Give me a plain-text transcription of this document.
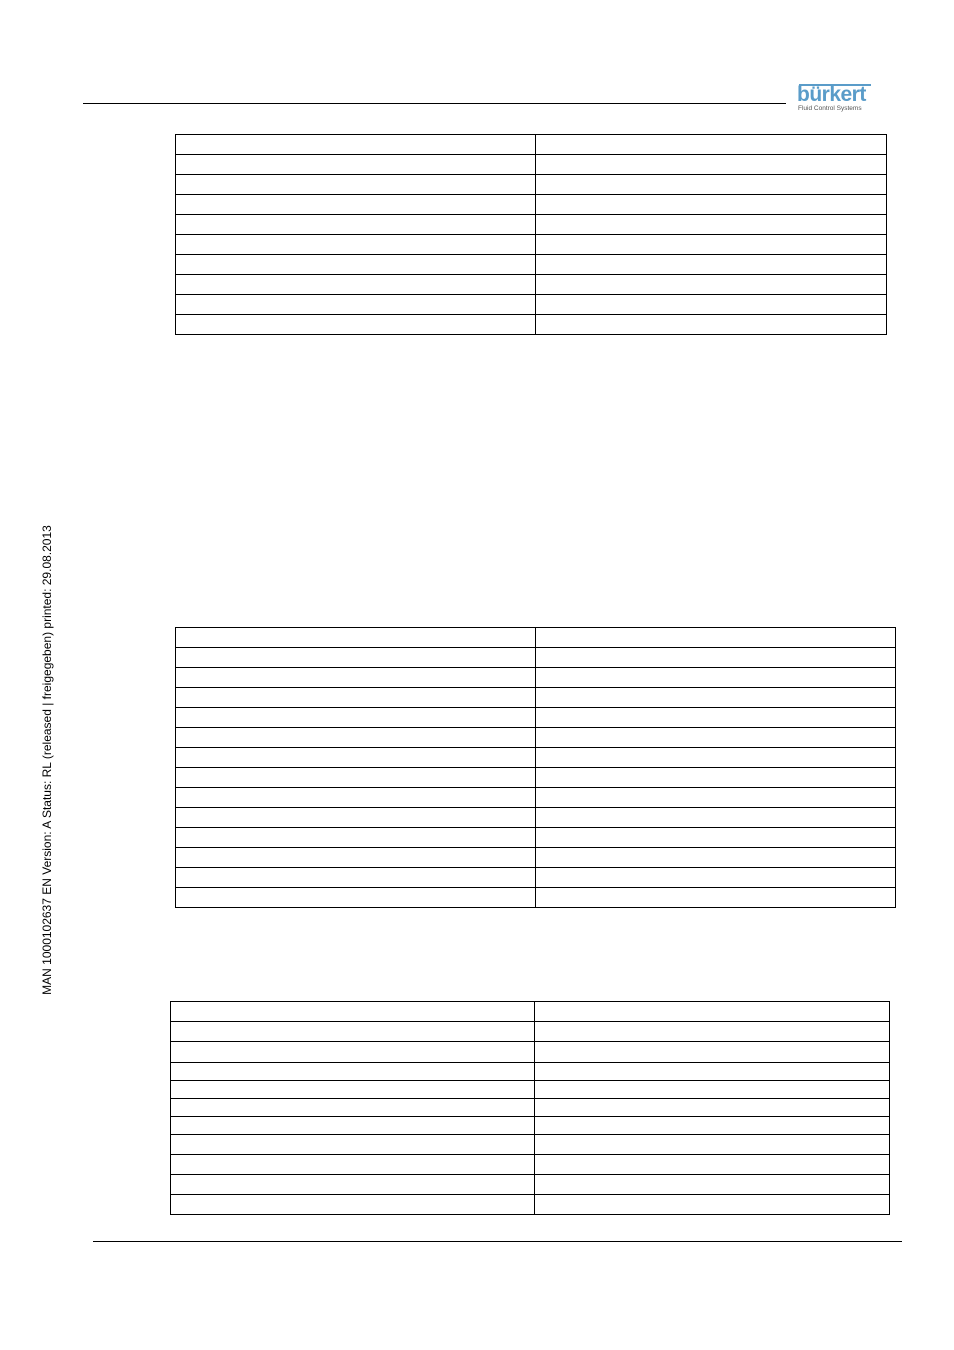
bürkert
Fluid Control Systems
MAN 1000102637 EN Version: A Status: RL (released | freigegeben) printed: 29.08.2013
